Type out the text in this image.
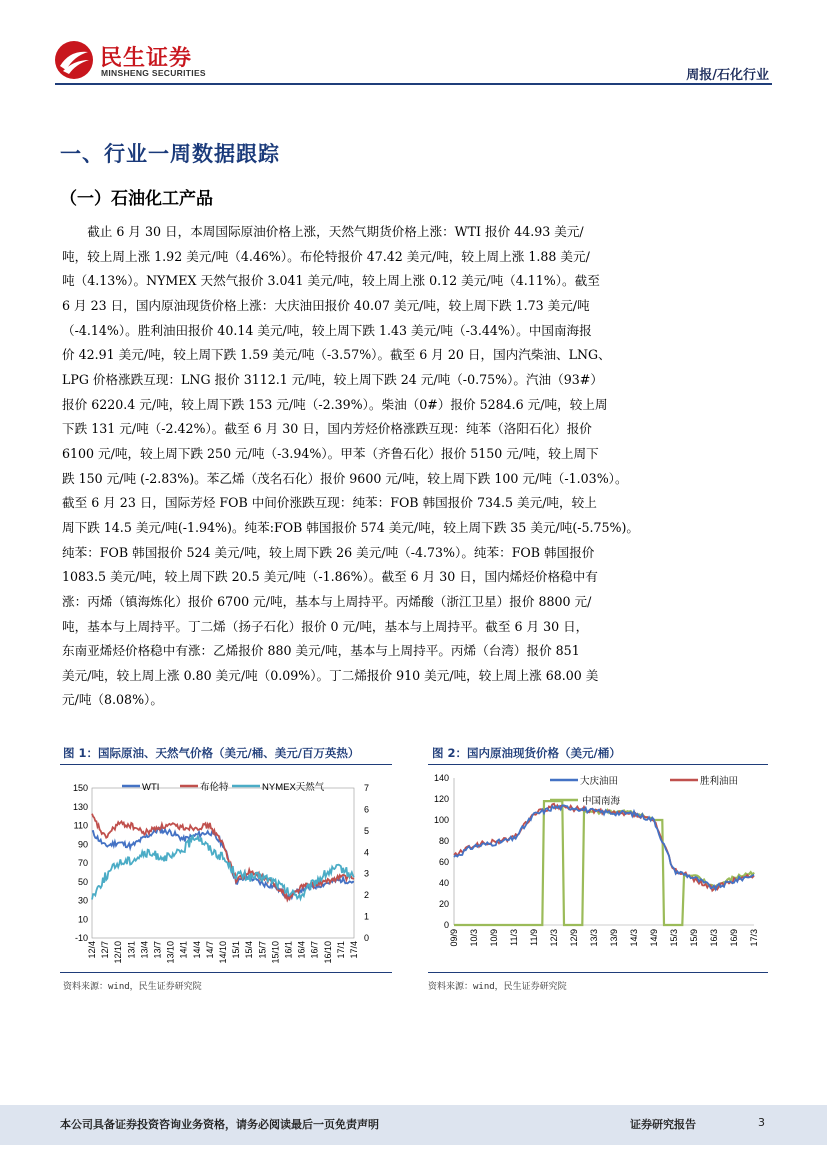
民生证券
MINSHENG SECURITIES	周报/石化行业
一、行业一周数据跟踪
（一）石油化工产品
　　截止 6 月 30 日，本周国际原油价格上涨，天然气期货价格上涨：WTI 报价 44.93 美元/
吨，较上周上涨 1.92 美元/吨（4.46%）。布伦特报价 47.42 美元/吨，较上周上涨 1.88 美元/
吨（4.13%）。NYMEX 天然气报价 3.041 美元/吨，较上周上涨 0.12 美元/吨（4.11%）。截至
6 月 23 日，国内原油现货价格上涨：大庆油田报价 40.07 美元/吨，较上周下跌 1.73 美元/吨
（-4.14%）。胜利油田报价 40.14 美元/吨，较上周下跌 1.43 美元/吨（-3.44%）。中国南海报
价 42.91 美元/吨，较上周下跌 1.59 美元/吨（-3.57%）。截至 6 月 20 日，国内汽柴油、LNG、
LPG 价格涨跌互现：LNG 报价 3112.1 元/吨，较上周下跌 24 元/吨（-0.75%）。汽油（93#）
报价 6220.4 元/吨，较上周下跌 153 元/吨（-2.39%）。柴油（0#）报价 5284.6 元/吨，较上周
下跌 131 元/吨（-2.42%）。截至 6 月 30 日，国内芳烃价格涨跌互现：纯苯（洛阳石化）报价
6100 元/吨，较上周下跌 250 元/吨（-3.94%）。甲苯（齐鲁石化）报价 5150 元/吨，较上周下
跌 150 元/吨 (-2.83%)。苯乙烯（茂名石化）报价 9600 元/吨，较上周下跌 100 元/吨（-1.03%）。
截至 6 月 23 日，国际芳烃 FOB 中间价涨跌互现：纯苯：FOB 韩国报价 734.5 美元/吨，较上
周下跌 14.5 美元/吨(-1.94%)。纯苯:FOB 韩国报价 574 美元/吨，较上周下跌 35 美元/吨(-5.75%)。
纯苯：FOB 韩国报价 524 美元/吨，较上周下跌 26 美元/吨（-4.73%）。纯苯：FOB 韩国报价
1083.5 美元/吨，较上周下跌 20.5 美元/吨（-1.86%）。截至 6 月 30 日，国内烯烃价格稳中有
涨：丙烯（镇海炼化）报价 6700 元/吨，基本与上周持平。丙烯酸（浙江卫星）报价 8800 元/
吨，基本与上周持平。丁二烯（扬子石化）报价 0 元/吨，基本与上周持平。截至 6 月 30 日，
东南亚烯烃价格稳中有涨：乙烯报价 880 美元/吨，基本与上周持平。丙烯（台湾）报价 851
美元/吨，较上周上涨 0.80 美元/吨（0.09%）。丁二烯报价 910 美元/吨，较上周上涨 68.00 美
元/吨（8.08%）。
图 1：国际原油、天然气价格（美元/桶、美元/百万英热）
150
130
110
90
70
50
30
10
-10
7
6
5
4
3
2
1
0
12/4 12/7 12/10 13/1 13/4 13/7 13/10 14/1 14/4 14/7 14/10 15/1 15/4 15/7 15/10 16/1 16/4 16/7 16/10 17/1 17/4
WTI	布伦特	NYMEX天然气
资料来源：wind，民生证券研究院
图 2：国内原油现货价格（美元/桶）
140
120
100
80
60
40
20
0
09/9 10/3 10/9 11/3 11/9 12/3 12/9 13/3 13/9 14/3 14/9 15/3 15/9 16/3 16/9 17/3
大庆油田	胜利油田
中国南海
资料来源：wind，民生证券研究院
本公司具备证券投资咨询业务资格，请务必阅读最后一页免责声明	证券研究报告	3
